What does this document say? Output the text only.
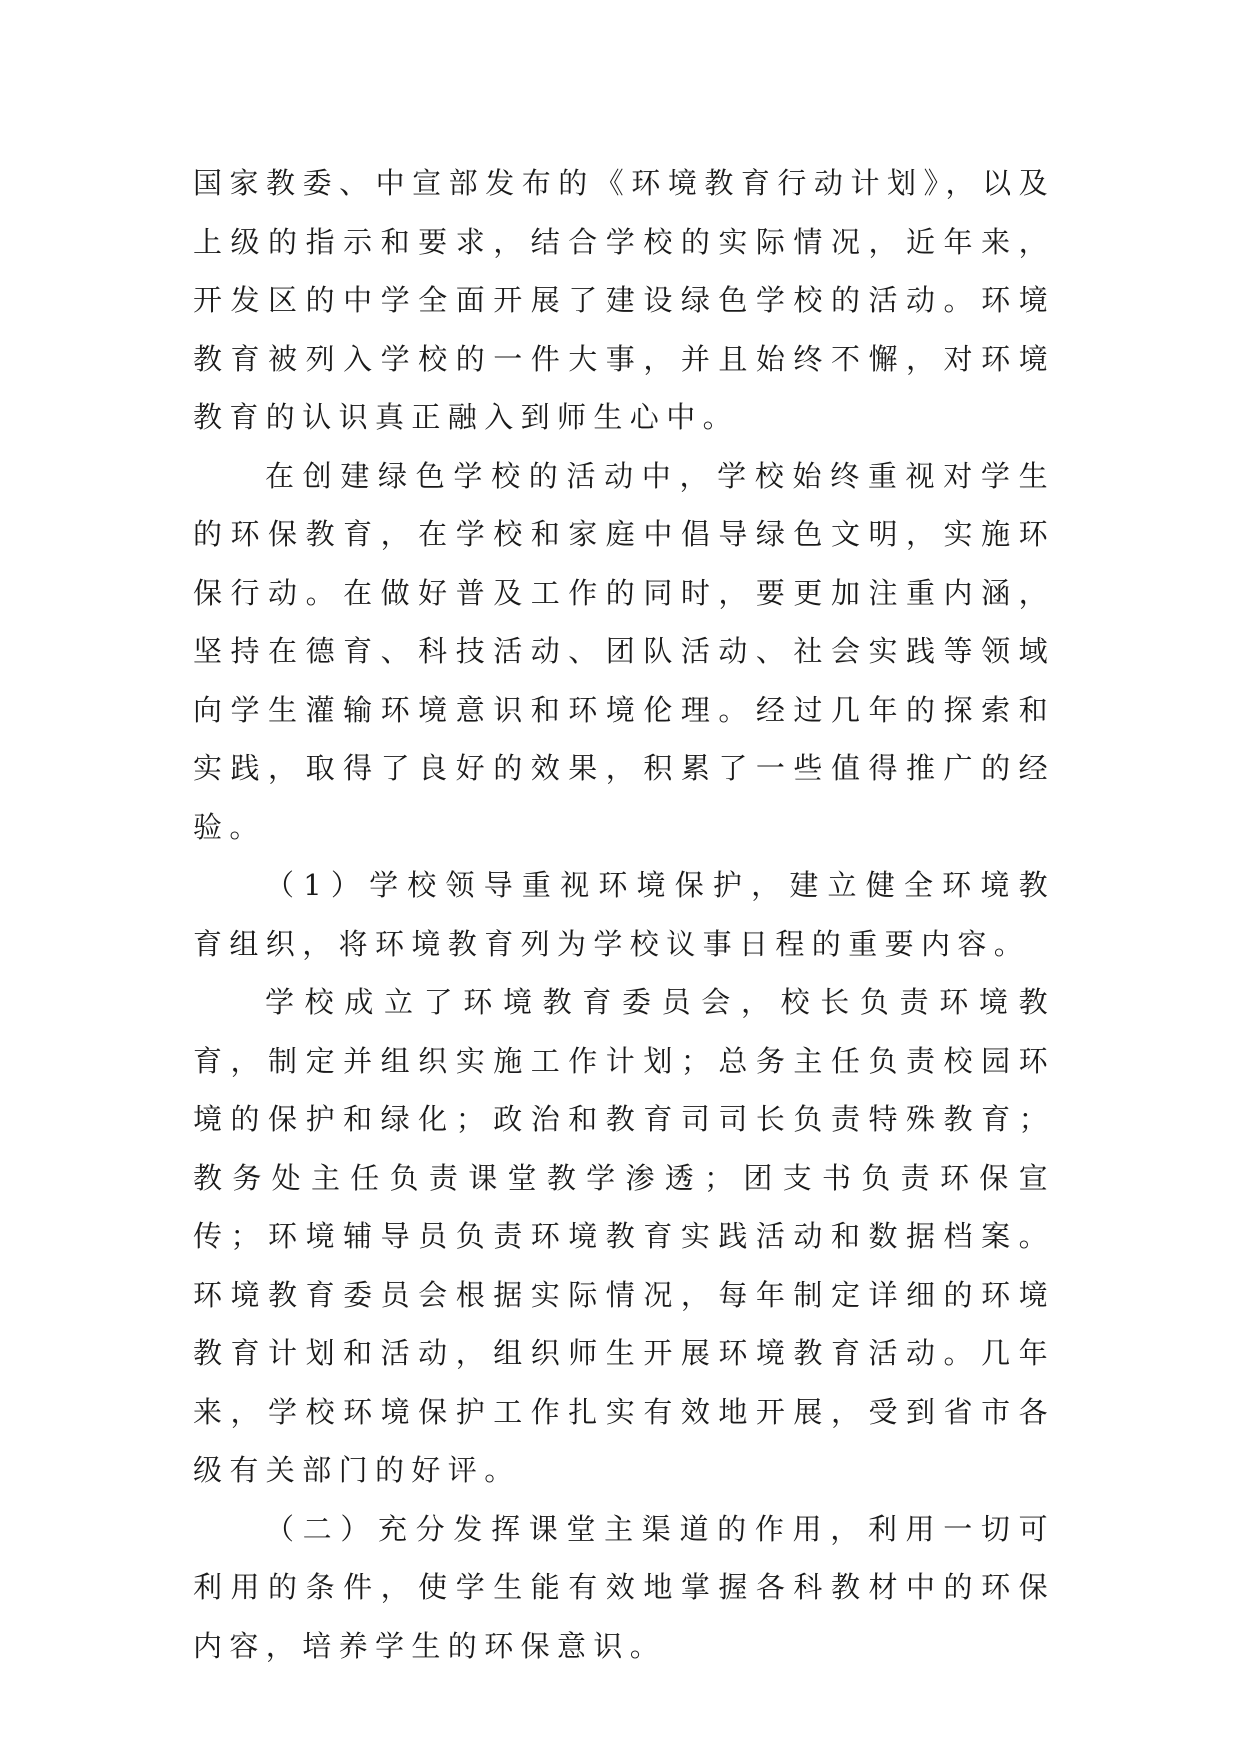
国家教委、中宣部发布的《环境教育行动计划》，以及上级的指示和要求，结合学校的实际情况，近年来，开发区的中学全面开展了建设绿色学校的活动。环境教育被列入学校的一件大事，并且始终不懈，对环境教育的认识真正融入到师生心中。

在创建绿色学校的活动中，学校始终重视对学生的环保教育，在学校和家庭中倡导绿色文明，实施环保行动。在做好普及工作的同时，要更加注重内涵，坚持在德育、科技活动、团队活动、社会实践等领域向学生灌输环境意识和环境伦理。经过几年的探索和实践，取得了良好的效果，积累了一些值得推广的经验。

（1）学校领导重视环境保护，建立健全环境教育组织，将环境教育列为学校议事日程的重要内容。

学校成立了环境教育委员会，校长负责环境教育，制定并组织实施工作计划；总务主任负责校园环境的保护和绿化；政治和教育司司长负责特殊教育；教务处主任负责课堂教学渗透；团支书负责环保宣传；环境辅导员负责环境教育实践活动和数据档案。环境教育委员会根据实际情况，每年制定详细的环境教育计划和活动，组织师生开展环境教育活动。几年来，学校环境保护工作扎实有效地开展，受到省市各级有关部门的好评。

（二）充分发挥课堂主渠道的作用，利用一切可利用的条件，使学生能有效地掌握各科教材中的环保内容，培养学生的环保意识。
